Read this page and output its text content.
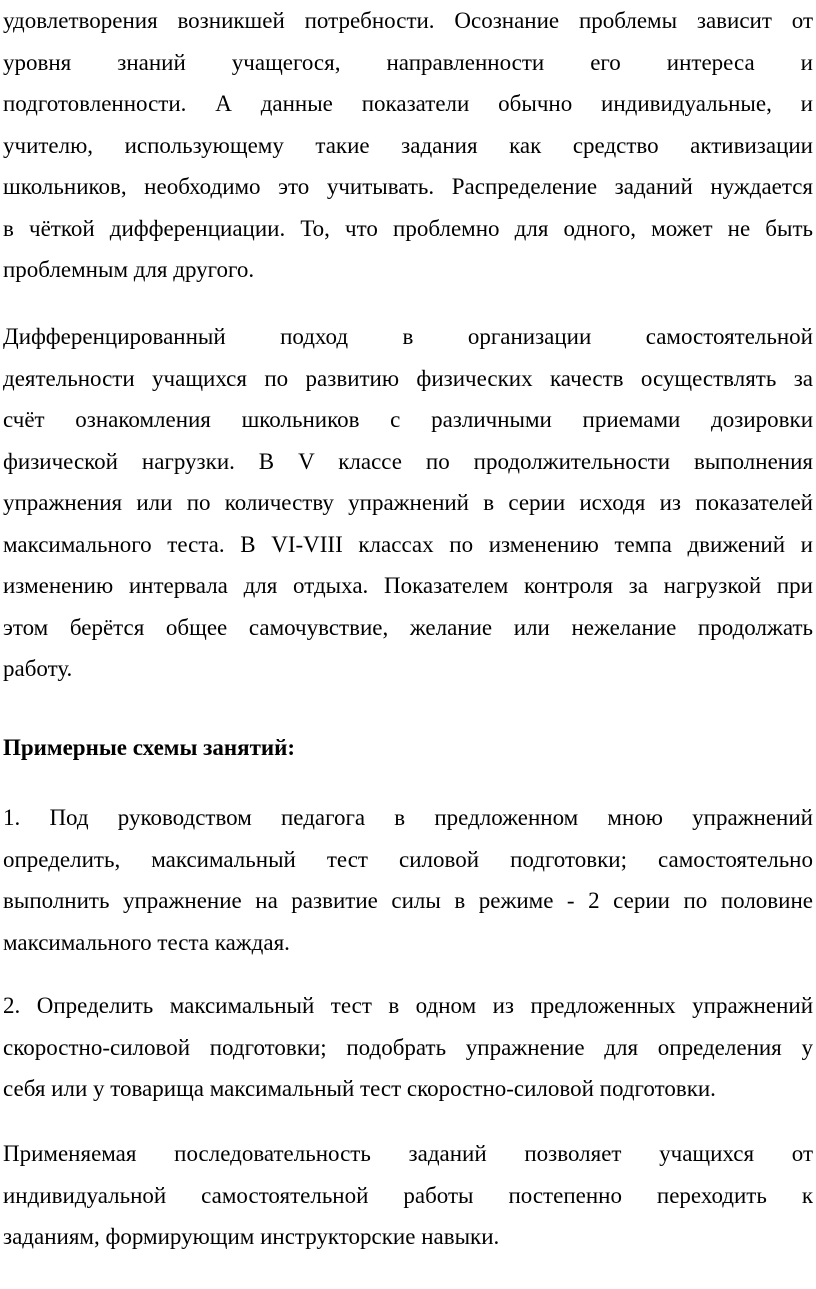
удовлетворения возникшей потребности. Осознание проблемы зависит от
уровня знаний учащегося, направленности его интереса и
подготовленности. А данные показатели обычно индивидуальные, и
учителю, использующему такие задания как средство активизации
школьников, необходимо это учитывать. Распределение заданий нуждается
в чёткой дифференциации. То, что проблемно для одного, может не быть
проблемным для другого.

Дифференцированный подход в организации самостоятельной
деятельности учащихся по развитию физических качеств осуществлять за
счёт ознакомления школьников с различными приемами дозировки
физической нагрузки. В V классе по продолжительности выполнения
упражнения или по количеству упражнений в серии исходя из показателей
максимального теста. В VI-VIII классах по изменению темпа движений и
изменению интервала для отдыха. Показателем контроля за нагрузкой при
этом берётся общее самочувствие, желание или нежелание продолжать
работу.

Примерные схемы занятий:

1. Под руководством педагога в предложенном мною упражнений
определить, максимальный тест силовой подготовки; самостоятельно
выполнить упражнение на развитие силы в режиме - 2 серии по половине
максимального теста каждая.

2. Определить максимальный тест в одном из предложенных упражнений
скоростно-силовой подготовки; подобрать упражнение для определения у
себя или у товарища максимальный тест скоростно-силовой подготовки.

Применяемая последовательность заданий позволяет учащихся от
индивидуальной самостоятельной работы постепенно переходить к
заданиям, формирующим инструкторские навыки.
